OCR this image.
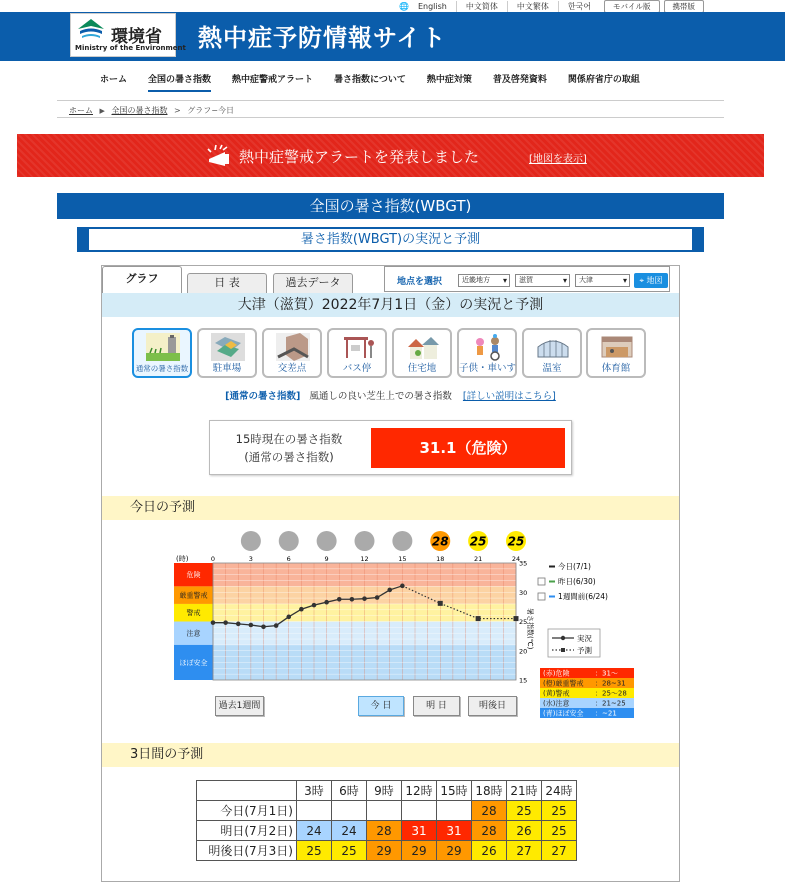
🌐	English	中文简体	中文繁体	한국어	モバイル版	携帯版
環境省
Ministry of the Environment 熱中症予防情報サイト
ホーム 全国の暑さ指数 熱中症警戒アラート 暑さ指数について 熱中症対策 普及啓発資料 関係府省庁の取組
ホーム ▶ 全国の暑さ指数 > グラフ−今日
熱中症警戒アラートを発表しました	[地図を表示]
全国の暑さ指数(WBGT)
暑さ指数(WBGT)の実況と予測
グラフ	日 表	過去データ	地点を選択	近畿地方 ▾	滋賀 ▾	大津 ▾	⌖ 地図
大津（滋賀）2022年7月1日（金）の実況と予測
通常の暑さ指数	駐車場	交差点	バス停	住宅地	子供・車いす	温室	体育館
[通常の暑さ指数] 風通しの良い芝生上での暑さ指数 [詳しい説明はこちら]
15時現在の暑さ指数
(通常の暑さ指数)	31.1（危険）
今日の予測
28 25 25
(時)	0	3	6	9	12	15	18	21	24
危険
厳重警戒
警戒
注意
ほぼ安全
15
20
25
30
35
暑さ指数(℃)
今日(7/1)
昨日(6/30)
1週間前(6/24)
実況
予測
(赤)危険	：31～
(橙)厳重警戒 ：28~31
(黄)警戒	：25～28
(水)注意	：21~25
(青)ほぼ安全 ：~21
過去1週間	今 日	明 日	明後日
3日間の予測
	3時	6時	9時	12時	15時	18時	21時	24時
今日(7月1日)						28	25	25
明日(7月2日)	24	24	28	31	31	28	26	25
明後日(7月3日)	25	25	29	29	29	26	27	27
